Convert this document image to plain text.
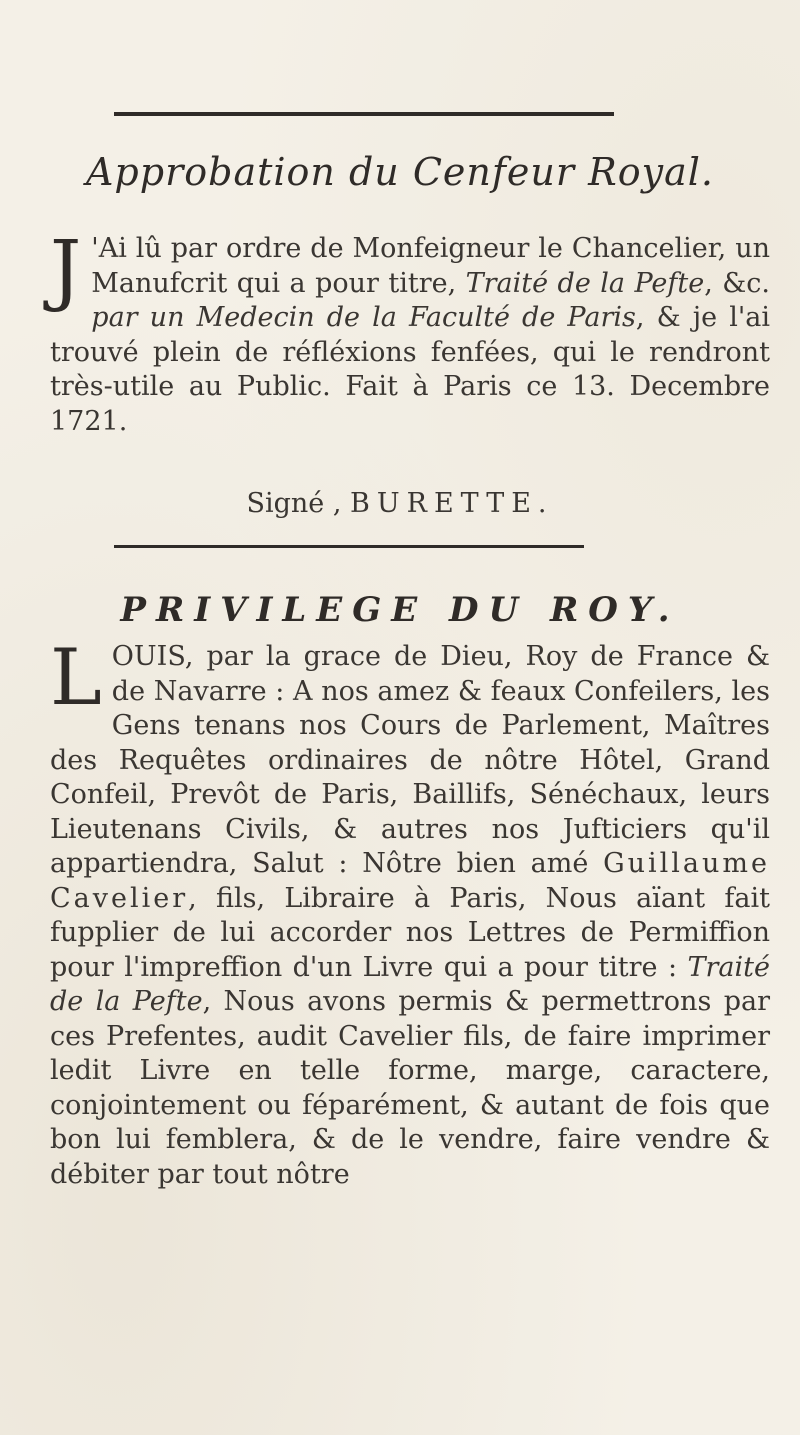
Approbation du Cenfeur Royal.
J 'Ai lû par ordre de Monfeigneur le Chancelier, un Manufcrit qui a pour titre, Traité de la Pefte, &c. par un Medecin de la Faculté de Paris, & je l'ai trouvé plein de réfléxions fenfées, qui le rendront très-utile au Public. Fait à Paris ce 13. Decembre 1721.
Signé , BURETTE.
PRIVILEGE DU ROY.
LOUIS, par la grace de Dieu, Roy de France & de Navarre : A nos amez & feaux Confeilers, les Gens tenans nos Cours de Parlement, Maîtres des Requêtes ordinaires de nôtre Hôtel, Grand Confeil, Prevôt de Paris, Baillifs, Sénéchaux, leurs Lieutenans Civils, & autres nos Jufticiers qu'il appartiendra, Salut : Nôtre bien amé Guillaume Cavelier, fils, Libraire à Paris, Nous aïant fait fupplier de lui accorder nos Lettres de Permiffion pour l'impreffion d'un Livre qui a pour titre : Traité de la Pefte, Nous avons permis & permettrons par ces Prefentes, audit Cavelier fils, de faire imprimer ledit Livre en telle forme, marge, caractere, conjointement ou féparément, & autant de fois que bon lui femblera, & de le vendre, faire vendre & débiter par tout nôtre
